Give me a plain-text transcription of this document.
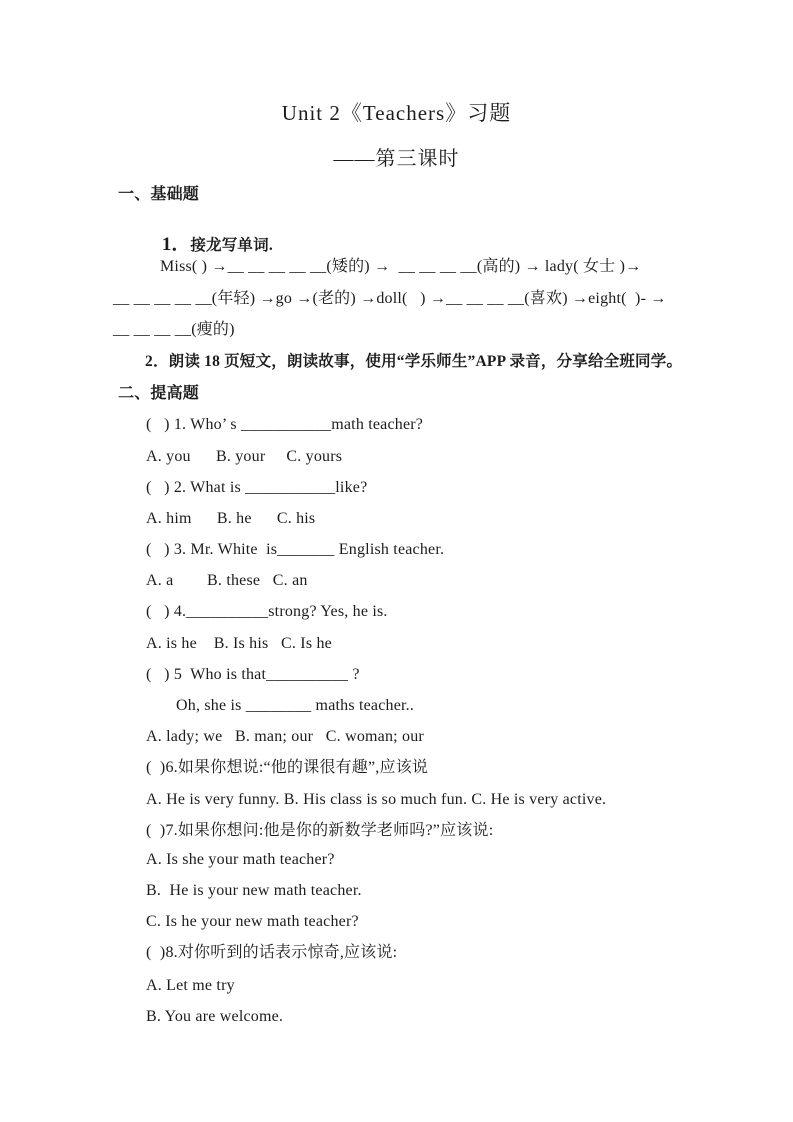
Unit 2《Teachers》习题
——第三课时
一、基础题

1．接龙写单词.

Miss( ) →__ __ __ __ __(矮的) →  __ __ __ __(高的) → lady( 女士 )→
__ __ __ __ __(年轻) →go →(老的) →doll(   ) →__ __ __ __(喜欢) →eight(  )- →
__ __ __ __(瘦的)
2．朗读 18 页短文，朗读故事，使用“学乐师生”APP 录音，分享给全班同学。
二、提高题
(   ) 1. Who’ s ___________math teacher?
A. you      B. your     C. yours
(   ) 2. What is ___________like?
A. him      B. he      C. his
(   ) 3. Mr. White  is_______ English teacher.
A. a        B. these   C. an
(   ) 4.__________strong? Yes, he is.
A. is he    B. Is his   C. Is he
(   ) 5  Who is that__________ ?
Oh, she is ________ maths teacher..
A. lady; we   B. man; our   C. woman; our
(  )6.如果你想说:“他的课很有趣”,应该说
A. He is very funny. B. His class is so much fun. C. He is very active.
(  )7.如果你想问:他是你的新数学老师吗?”应该说:
A. Is she your math teacher?
B.  He is your new math teacher.
C. Is he your new math teacher?
(  )8.对你听到的话表示惊奇,应该说:
A. Let me try
B. You are welcome.
